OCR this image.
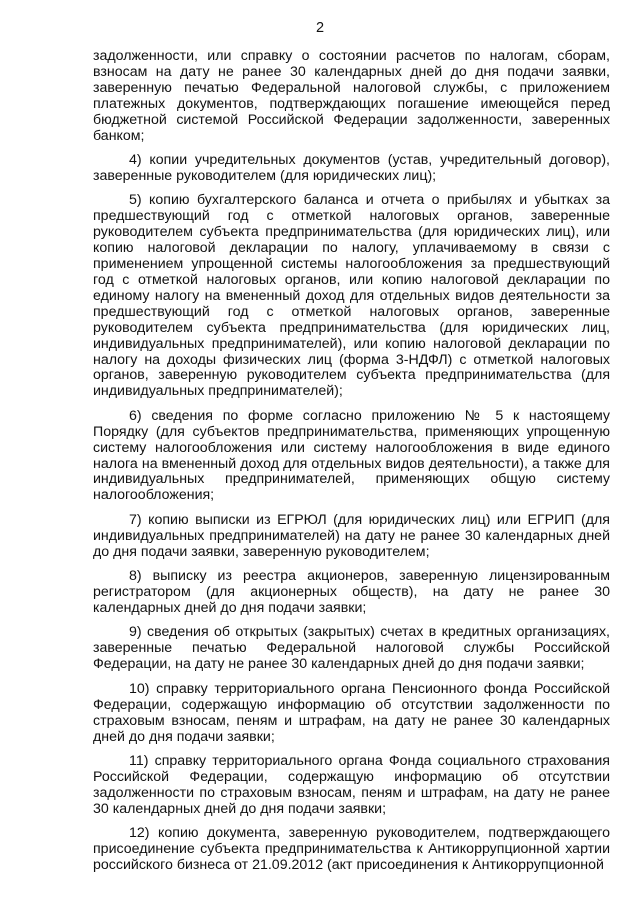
2

задолженности, или справку о состоянии расчетов по налогам, сборам, взносам на дату не ранее 30 календарных дней до дня подачи заявки, заверенную печатью Федеральной налоговой службы, с приложением платежных документов, подтверждающих погашение имеющейся перед бюджетной системой Российской Федерации задолженности, заверенных банком;

4) копии учредительных документов (устав, учредительный договор), заверенные руководителем (для юридических лиц);

5) копию бухгалтерского баланса и отчета о прибылях и убытках за предшествующий год с отметкой налоговых органов, заверенные руководителем субъекта предпринимательства (для юридических лиц), или копию налоговой декларации по налогу, уплачиваемому в связи с применением упрощенной системы налогообложения за предшествующий год с отметкой налоговых органов, или копию налоговой декларации по единому налогу на вмененный доход для отдельных видов деятельности за предшествующий год с отметкой налоговых органов, заверенные руководителем субъекта предпринимательства (для юридических лиц, индивидуальных предпринимателей), или копию налоговой декларации по налогу на доходы физических лиц (форма 3-НДФЛ) с отметкой налоговых органов, заверенную руководителем субъекта предпринимательства (для индивидуальных предпринимателей);

6) сведения по форме согласно приложению № 5 к настоящему Порядку (для субъектов предпринимательства, применяющих упрощенную систему налогообложения или систему налогообложения в виде единого налога на вмененный доход для отдельных видов деятельности), а также для индивидуальных предпринимателей, применяющих общую систему налогообложения;

7) копию выписки из ЕГРЮЛ (для юридических лиц) или ЕГРИП (для индивидуальных предпринимателей) на дату не ранее 30 календарных дней до дня подачи заявки, заверенную руководителем;

8) выписку из реестра акционеров, заверенную лицензированным регистратором (для акционерных обществ), на дату не ранее 30 календарных дней до дня подачи заявки;

9) сведения об открытых (закрытых) счетах в кредитных организациях, заверенные печатью Федеральной налоговой службы Российской Федерации, на дату не ранее 30 календарных дней до дня подачи заявки;

10) справку территориального органа Пенсионного фонда Российской Федерации, содержащую информацию об отсутствии задолженности по страховым взносам, пеням и штрафам, на дату не ранее 30 календарных дней до дня подачи заявки;

11) справку территориального органа Фонда социального страхования Российской Федерации, содержащую информацию об отсутствии задолженности по страховым взносам, пеням и штрафам, на дату не ранее 30 календарных дней до дня подачи заявки;

12) копию документа, заверенную руководителем, подтверждающего присоединение субъекта предпринимательства к Антикоррупционной хартии российского бизнеса от 21.09.2012 (акт присоединения к Антикоррупционной
